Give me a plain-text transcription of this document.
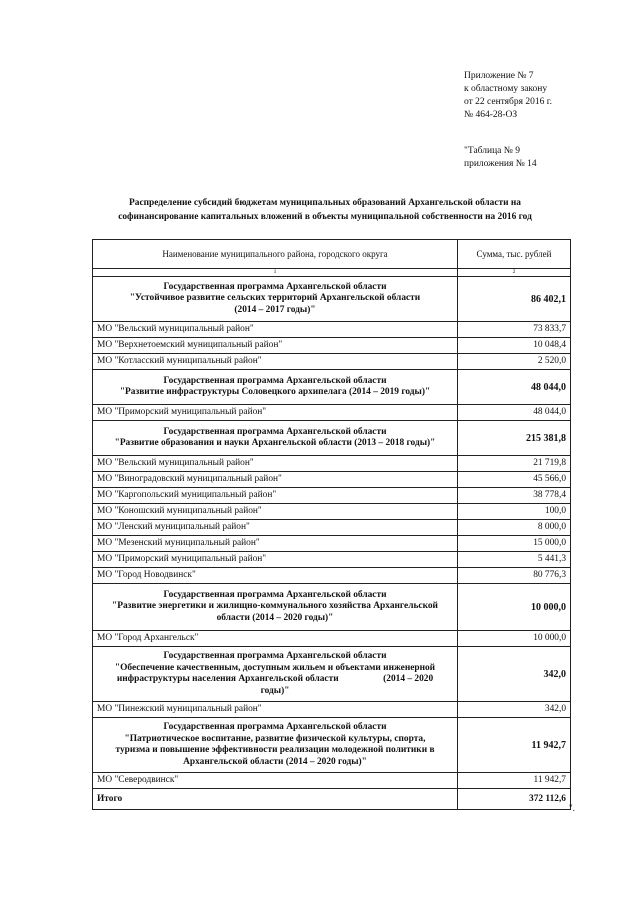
Приложение № 7
к областному закону
от 22 сентября 2016 г.
№ 464-28-ОЗ
"Таблица № 9
приложения № 14
Распределение субсидий бюджетам муниципальных образований Архангельской области на
софинансирование капитальных вложений в объекты муниципальной собственности на 2016 год
Наименование муниципального района, городского округа	Сумма, тыс. рублей
1	2

Государственная программа Архангельской области
"Устойчивое развитие сельских территорий Архангельской области
(2014 – 2017 годы)"	86 402,1
МО "Вельский муниципальный район"	73 833,7
МО "Верхнетоемский муниципальный район"	10 048,4
МО "Котласский муниципальный район"	2 520,0

Государственная программа Архангельской области
"Развитие инфраструктуры Соловецкого архипелага (2014 – 2019 годы)"	48 044,0
МО "Приморский муниципальный район"	48 044,0

Государственная программа Архангельской области
"Развитие образования и науки Архангельской области (2013 – 2018 годы)"	215 381,8
МО "Вельский муниципальный район"	21 719,8
МО "Виноградовский муниципальный район"	45 566,0
МО "Каргопольский муниципальный район"	38 778,4
МО "Коношский муниципальный район"	100,0
МО "Ленский муниципальный район"	8 000,0
МО "Мезенский муниципальный район"	15 000,0
МО "Приморский муниципальный район"	5 441,3
МО "Город Новодвинск"	80 776,3

Государственная программа Архангельской области
"Развитие энергетики и жилищно-коммунального хозяйства Архангельской
области (2014 – 2020 годы)"	10 000,0
МО "Город Архангельск"	10 000,0

Государственная программа Архангельской области
"Обеспечение качественным, доступным жильем и объектами инженерной
инфраструктуры населения Архангельской области                   (2014 – 2020
годы)"	342,0
МО "Пинежский муниципальный район"	342,0

Государственная программа Архангельской области
"Патриотическое воспитание, развитие физической культуры, спорта,
туризма и повышение эффективности реализации молодежной политики в
Архангельской области (2014 – 2020 годы)"	11 942,7
МО "Северодвинск"	11 942,7
Итого	372 112,6
".
